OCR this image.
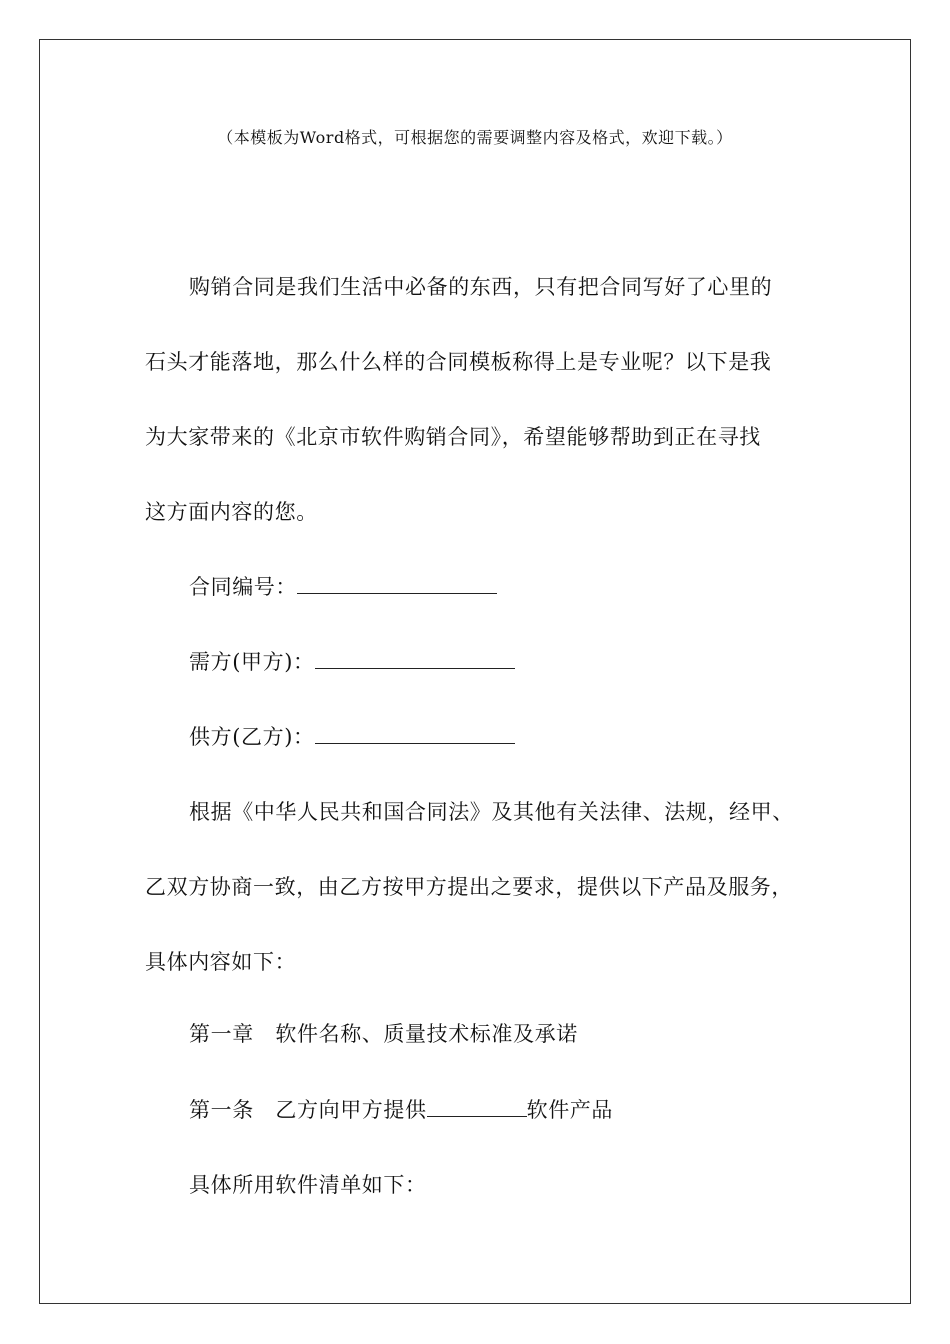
（本模板为Word格式，可根据您的需要调整内容及格式，欢迎下载。）
购销合同是我们生活中必备的东西，只有把合同写好了心里的
石头才能落地，那么什么样的合同模板称得上是专业呢？以下是我
为大家带来的《北京市软件购销合同》，希望能够帮助到正在寻找
这方面内容的您。
合同编号：
需方(甲方)：
供方(乙方)：
根据《中华人民共和国合同法》及其他有关法律、法规，经甲、
乙双方协商一致，由乙方按甲方提出之要求，提供以下产品及服务，
具体内容如下：
第一章　软件名称、质量技术标准及承诺
第一条　乙方向甲方提供	软件产品
具体所用软件清单如下：
